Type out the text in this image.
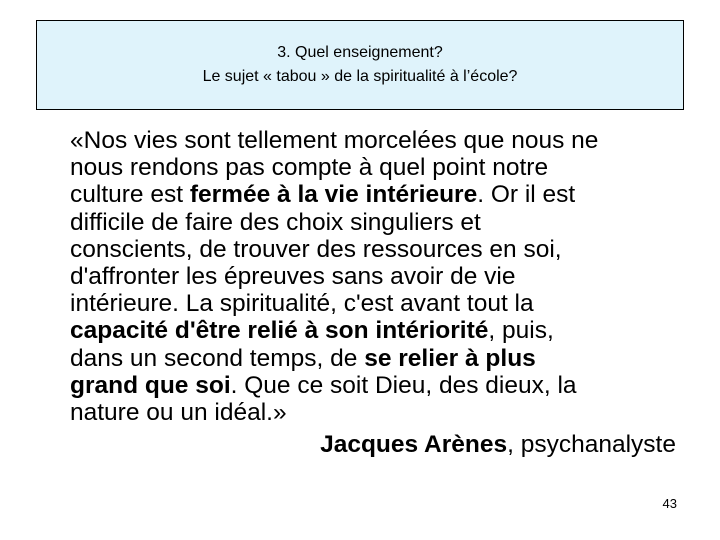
3. Quel enseignement?
Le sujet « tabou » de la spiritualité à l’école?
«Nos vies sont tellement morcelées que nous ne
nous rendons pas compte à quel point notre
culture est fermée à la vie intérieure. Or il est
difficile de faire des choix singuliers et
conscients, de trouver des ressources en soi,
d'affronter les épreuves sans avoir de vie
intérieure. La spiritualité, c'est avant tout la
capacité d'être relié à son intériorité, puis,
dans un second temps, de se relier à plus
grand que soi. Que ce soit Dieu, des dieux, la
nature ou un idéal.»
Jacques Arènes, psychanalyste
43
